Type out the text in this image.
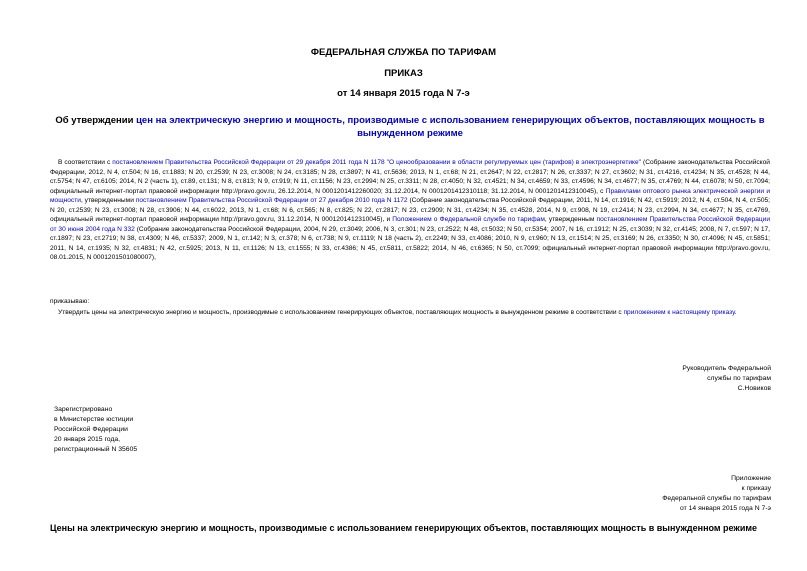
ФЕДЕРАЛЬНАЯ СЛУЖБА ПО ТАРИФАМ
ПРИКАЗ
от 14 января 2015 года N 7-э
Об утверждении цен на электрическую энергию и мощность, производимые с использованием генерирующих объектов, поставляющих мощность в вынужденном режиме
В соответствии с постановлением Правительства Российской Федерации от 29 декабря 2011 года N 1178 "О ценообразовании в области регулируемых цен (тарифов) в электроэнергетике" (Собрание законодательства Российской Федерации, 2012, N 4, ст.504; N 16, ст.1883; N 20, ст.2539; N 23, ст.3008; N 24, ст.3185; N 28, ст.3897; N 41, ст.5636; 2013, N 1, ст.68; N 21, ст.2647; N 22, ст.2817; N 26, ст.3337; N 27, ст.3602; N 31, ст.4216, ст.4234; N 35, ст.4528; N 44, ст.5754; N 47, ст.6105; 2014, N 2 (часть 1), ст.89, ст.131; N 8, ст.813; N 9, ст.919; N 11, ст.1156; N 23, ст.2994; N 25, ст.3311; N 28, ст.4050; N 32, ст.4521; N 34, ст.4659; N 33, ст.4596; N 34, ст.4677; N 35, ст.4769; N 44, ст.6078; N 50, ст.7094; официальный интернет-портал правовой информации http://pravo.gov.ru, 26.12.2014, N 0001201412260020; 31.12.2014, N 0001201412310118; 31.12.2014, N 0001201412310045), с Правилами оптового рынка электрической энергии и мощности, утвержденными постановлением Правительства Российской Федерации от 27 декабря 2010 года N 1172 (Собрание законодательства Российской Федерации, 2011, N 14, ст.1916; N 42, ст.5919; 2012, N 4, ст.504, N 4, ст.505; N 20, ст.2539; N 23, ст.3008; N 28, ст.3906; N 44, ст.6022, 2013, N 1, ст.68; N 6, ст.565; N 8, ст.825; N 22, ст.2817; N 23, ст.2909; N 31, ст.4234; N 35, ст.4528, 2014, N 9, ст.908, N 19, ст.2414; N 23, ст.2994, N 34, ст.4677; N 35, ст.4769, официальный интернет-портал правовой информации http://pravo.gov.ru, 31.12.2014, N 0001201412310045), и Положением о Федеральной службе по тарифам, утвержденным постановлением Правительства Российской Федерации от 30 июня 2004 года N 332 (Собрание законодательства Российской Федерации, 2004, N 29, ст.3049; 2006, N 3, ст.301; N 23, ст.2522; N 48, ст.5032; N 50, ст.5354; 2007, N 16, ст.1912; N 25, ст.3039; N 32, ст.4145; 2008, N 7, ст.597; N 17, ст.1897; N 23, ст.2719; N 38, ст.4309; N 46, ст.5337; 2009, N 1, ст.142; N 3, ст.378; N 6, ст.738; N 9, ст.1119; N 18 (часть 2), ст.2249; N 33, ст.4086; 2010, N 9, ст.960; N 13, ст.1514; N 25, ст.3169; N 26, ст.3350; N 30, ст.4096; N 45, ст.5851; 2011, N 14, ст.1935; N 32, ст.4831; N 42, ст.5925; 2013, N 11, ст.1126; N 13, ст.1555; N 33, ст.4386; N 45, ст.5811, ст.5822; 2014, N 46, ст.6365; N 50, ст.7099; официальный интернет-портал правовой информации http://pravo.gov.ru, 08.01.2015, N 0001201501080007),
приказываю:
Утвердить цены на электрическую энергию и мощность, производимые с использованием генерирующих объектов, поставляющих мощность в вынужденном режиме в соответствии с приложением к настоящему приказу.
Руководитель Федеральной
службы по тарифам
С.Новиков
Зарегистрировано
в Министерстве юстиции
Российской Федерации
20 января 2015 года,
регистрационный N 35605
Приложение
к приказу
Федеральной службы по тарифам
от 14 января 2015 года N 7-э
Цены на электрическую энергию и мощность, производимые с использованием генерирующих объектов, поставляющих мощность в вынужденном режиме
